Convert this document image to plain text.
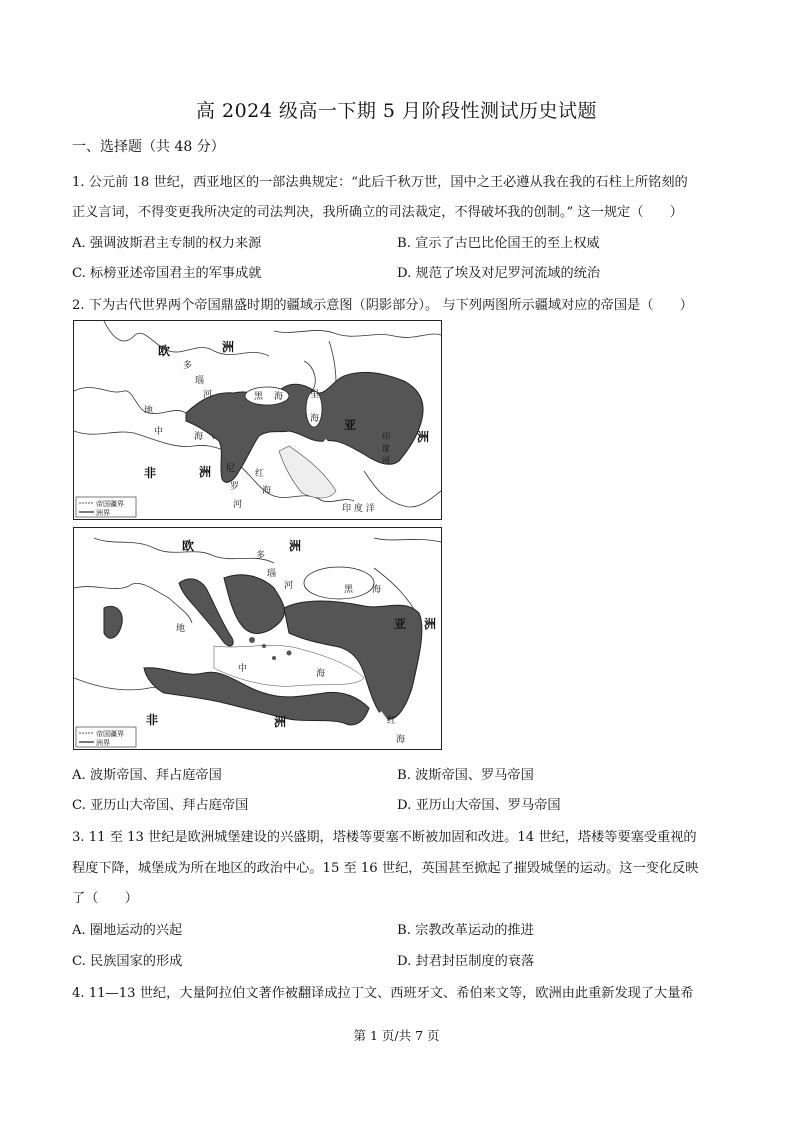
高 2024 级高一下期 5 月阶段性测试历史试题
一、选择题（共 48 分）
1. 公元前 18 世纪，西亚地区的一部法典规定：“此后千秋万世，国中之王必遵从我在我的石柱上所铭刻的
正义言词，不得变更我所决定的司法判决，我所确立的司法裁定，不得破坏我的创制。” 这一规定（　　）
A. 强调波斯君主专制的权力来源	B. 宣示了古巴比伦国王的至上权威
C. 标榜亚述帝国君主的军事成就	D. 规范了埃及对尼罗河流域的统治
2. 下为古代世界两个帝国鼎盛时期的疆域示意图（阴影部分）。 与下列两图所示疆域对应的帝国是（　　）
欧	洲
多
瑙
河	黑 海	里
海 亚
洲
印
度
河
地
中	海
非	洲 尼
罗
河
红
海
印 度 洋
帝国疆界
洲界
欧	洲
多
瑙
河	黑 海
亚 洲
地
中	海
非	洲	红
海
帝国疆界
洲界
A. 波斯帝国、拜占庭帝国	B. 波斯帝国、罗马帝国
C. 亚历山大帝国、拜占庭帝国	D. 亚历山大帝国、罗马帝国
3. 11 至 13 世纪是欧洲城堡建设的兴盛期，塔楼等要塞不断被加固和改进。14 世纪，塔楼等要塞受重视的
程度下降，城堡成为所在地区的政治中心。15 至 16 世纪，英国甚至掀起了摧毁城堡的运动。这一变化反映
了（　　）
A. 圈地运动的兴起	B. 宗教改革运动的推进
C. 民族国家的形成	D. 封君封臣制度的衰落
4. 11—13 世纪，大量阿拉伯文著作被翻译成拉丁文、西班牙文、希伯来文等，欧洲由此重新发现了大量希
第 1 页/共 7 页
